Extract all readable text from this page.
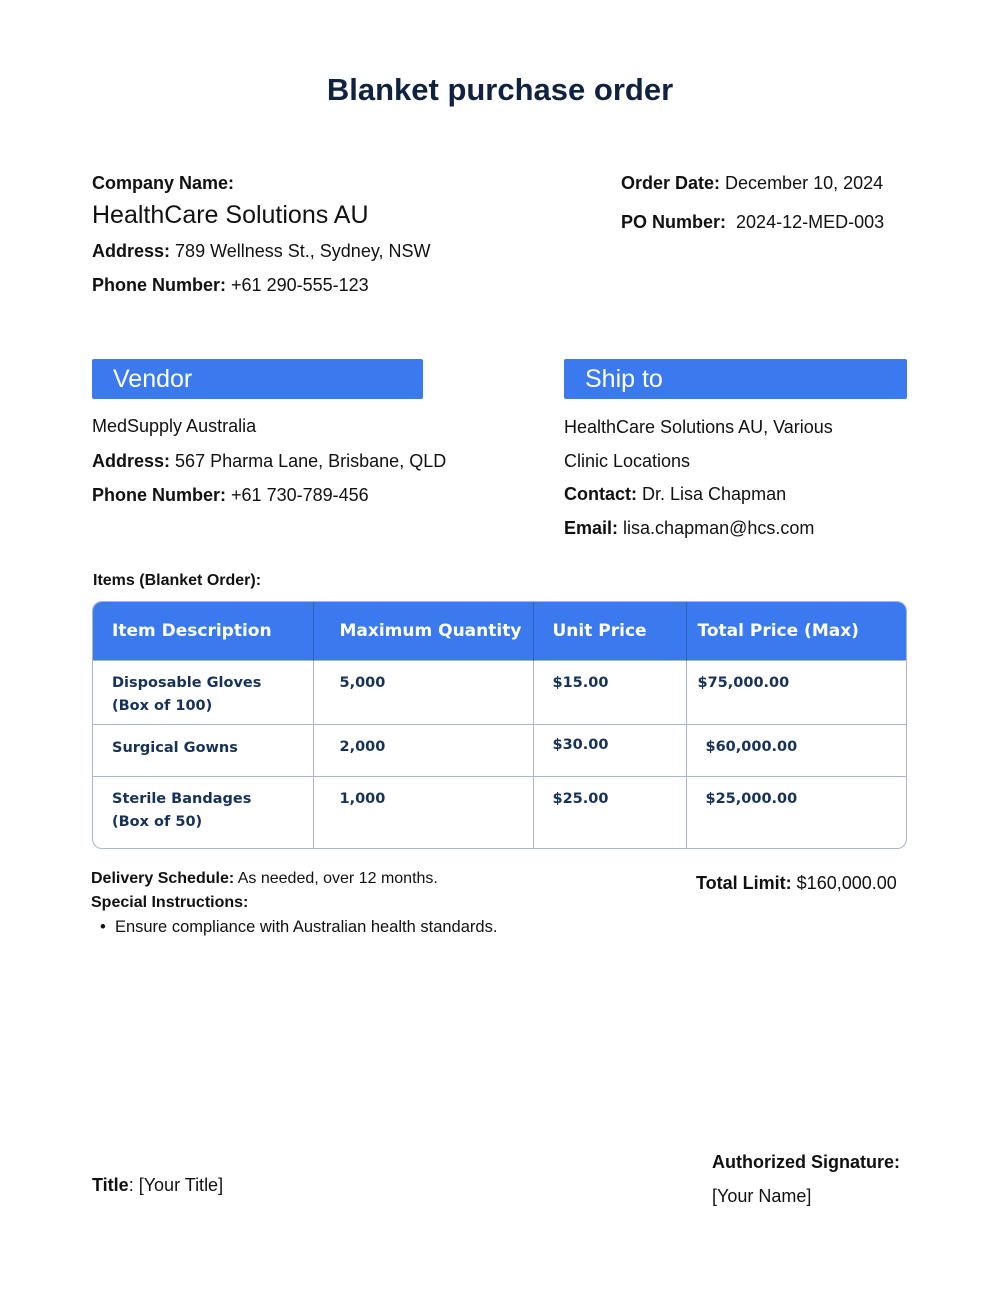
Blanket purchase order
Company Name:
HealthCare Solutions AU
Address: 789 Wellness St., Sydney, NSW
Phone Number: +61 290-555-123
Order Date: December 10, 2024
PO Number: 2024-12-MED-003
Vendor
MedSupply Australia
Address: 567 Pharma Lane, Brisbane, QLD
Phone Number: +61 730-789-456
Ship to
HealthCare Solutions AU, Various
Clinic Locations
Contact: Dr. Lisa Chapman
Email: lisa.chapman@hcs.com
Items (Blanket Order):
Item Description	Maximum Quantity	Unit Price	Total Price (Max)

Disposable Gloves
(Box of 100)	5,000	$15.00	$75,000.00

Surgical Gowns	2,000	$30.00	$60,000.00

Sterile Bandages
(Box of 50)	1,000	$25.00	$25,000.00
Delivery Schedule: As needed, over 12 months.
Special Instructions:
• Ensure compliance with Australian health standards.
Total Limit: $160,000.00
Title: [Your Title]
Authorized Signature:
[Your Name]
